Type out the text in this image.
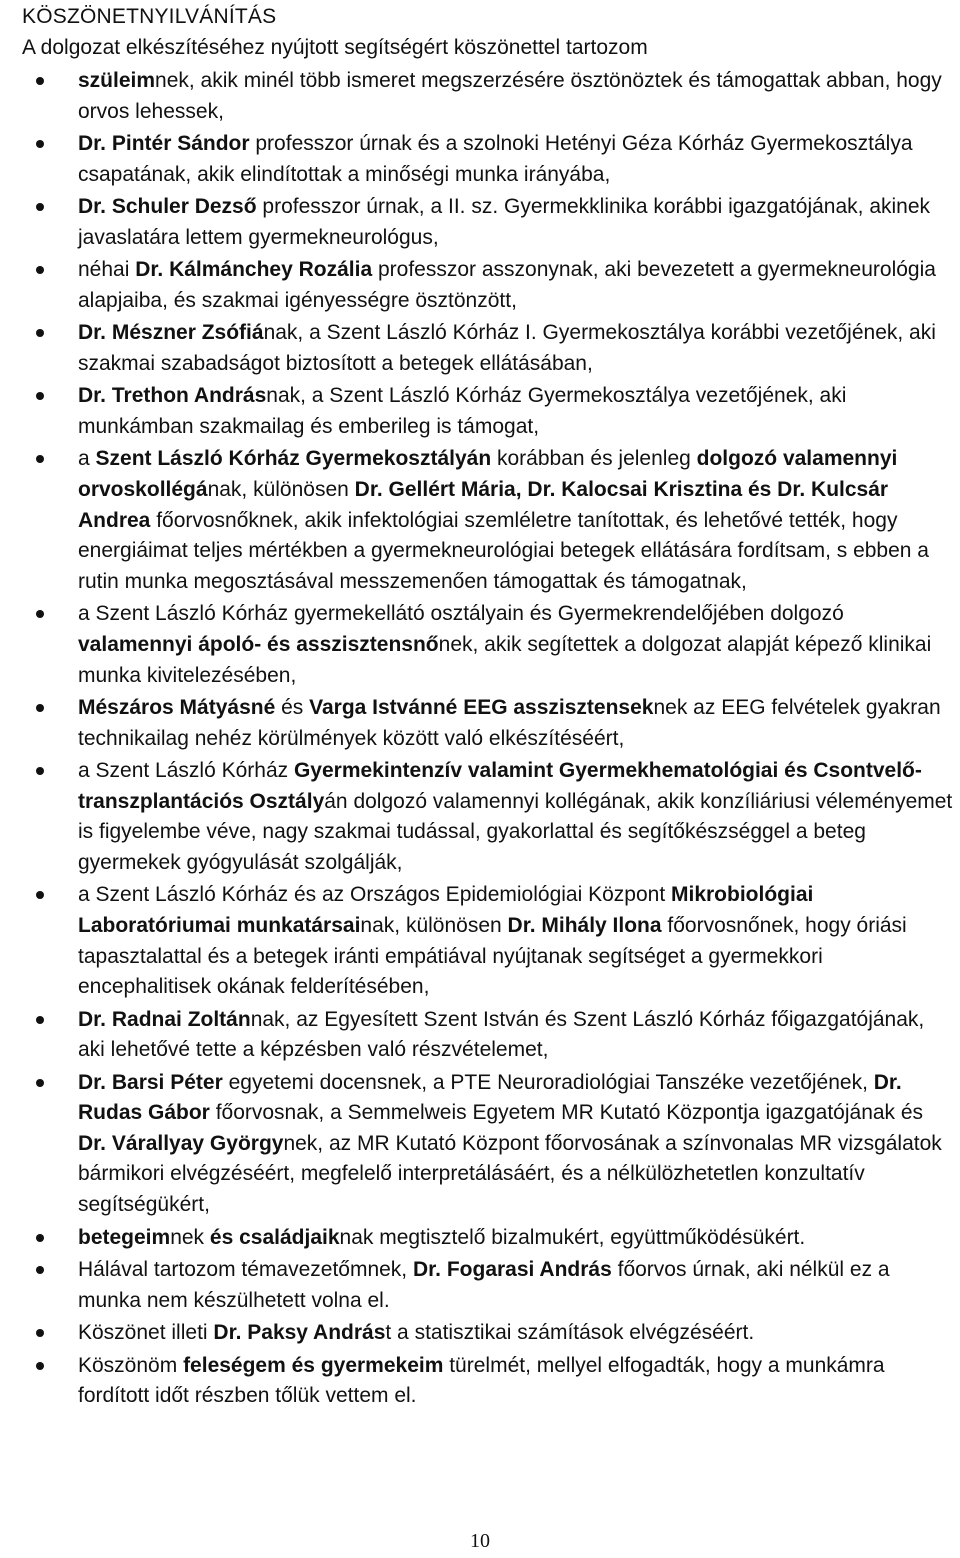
KÖSZÖNETNYILVÁNÍTÁS

A dolgozat elkészítéséhez nyújtott segítségért köszönettel tartozom

szüleimnek, akik minél több ismeret megszerzésére ösztönöztek és támogattak abban, hogy orvos lehessek,
Dr. Pintér Sándor professzor úrnak és a szolnoki Hetényi Géza Kórház Gyermekosztálya csapatának, akik elindítottak a minőségi munka irányába,
Dr. Schuler Dezső professzor úrnak, a II. sz. Gyermekklinika korábbi igazgatójának, akinek javaslatára lettem gyermekneurológus,
néhai Dr. Kálmánchey Rozália professzor asszonynak, aki bevezetett a gyermekneurológia alapjaiba, és szakmai igényességre ösztönzött,
Dr. Mészner Zsófiának, a Szent László Kórház I. Gyermekosztálya korábbi vezetőjének, aki szakmai szabadságot biztosított a betegek ellátásában,
Dr. Trethon Andrásnak, a Szent László Kórház Gyermekosztálya vezetőjének, aki munkámban szakmailag és emberileg is támogat,
a Szent László Kórház Gyermekosztályán korábban és jelenleg dolgozó valamennyi orvoskollégának, különösen Dr. Gellért Mária, Dr. Kalocsai Krisztina és Dr. Kulcsár Andrea főorvosnőknek, akik infektológiai szemléletre tanítottak, és lehetővé tették, hogy energiáimat teljes mértékben a gyermekneurológiai betegek ellátására fordítsam, s ebben a rutin munka megosztásával messzemenően támogattak és támogatnak,
a Szent László Kórház gyermekellátó osztályain és Gyermekrendelőjében dolgozó valamennyi ápoló- és asszisztensnőnek, akik segítettek a dolgozat alapját képező klinikai munka kivitelezésében,
Mészáros Mátyásné és Varga Istvánné EEG asszisztenseknek az EEG felvételek gyakran technikailag nehéz körülmények között való elkészítéséért,
a Szent László Kórház Gyermekintenzív valamint Gyermekhematológiai és Csontvelő-transzplantációs Osztályán dolgozó valamennyi kollégának, akik konzíliáriusi véleményemet is figyelembe véve, nagy szakmai tudással, gyakorlattal és segítőkészséggel a beteg gyermekek gyógyulását szolgálják,
a Szent László Kórház és az Országos Epidemiológiai Központ Mikrobiológiai Laboratóriumai munkatársainak, különösen Dr. Mihály Ilona főorvosnőnek, hogy óriási tapasztalattal és a betegek iránti empátiával nyújtanak segítséget a gyermekkori encephalitisek okának felderítésében,
Dr. Radnai Zoltánnak, az Egyesített Szent István és Szent László Kórház főigazgatójának, aki lehetővé tette a képzésben való részvételemet,
Dr. Barsi Péter egyetemi docensnek, a PTE Neuroradiológiai Tanszéke vezetőjének, Dr. Rudas Gábor főorvosnak, a Semmelweis Egyetem MR Kutató Központja igazgatójának és Dr. Várallyay Györgynek, az MR Kutató Központ főorvosának a színvonalas MR vizsgálatok bármikori elvégzéséért, megfelelő interpretálásáért, és a nélkülözhetetlen konzultatív segítségükért,
betegeimnek és családjaiknak megtisztelő bizalmukért, együttműködésükért.
Hálával tartozom témavezetőmnek, Dr. Fogarasi András főorvos úrnak, aki nélkül ez a munka nem készülhetett volna el.
Köszönet illeti Dr. Paksy Andrást a statisztikai számítások elvégzéséért.
Köszönöm feleségem és gyermekeim türelmét, mellyel elfogadták, hogy a munkámra fordított időt részben tőlük vettem el.
10
